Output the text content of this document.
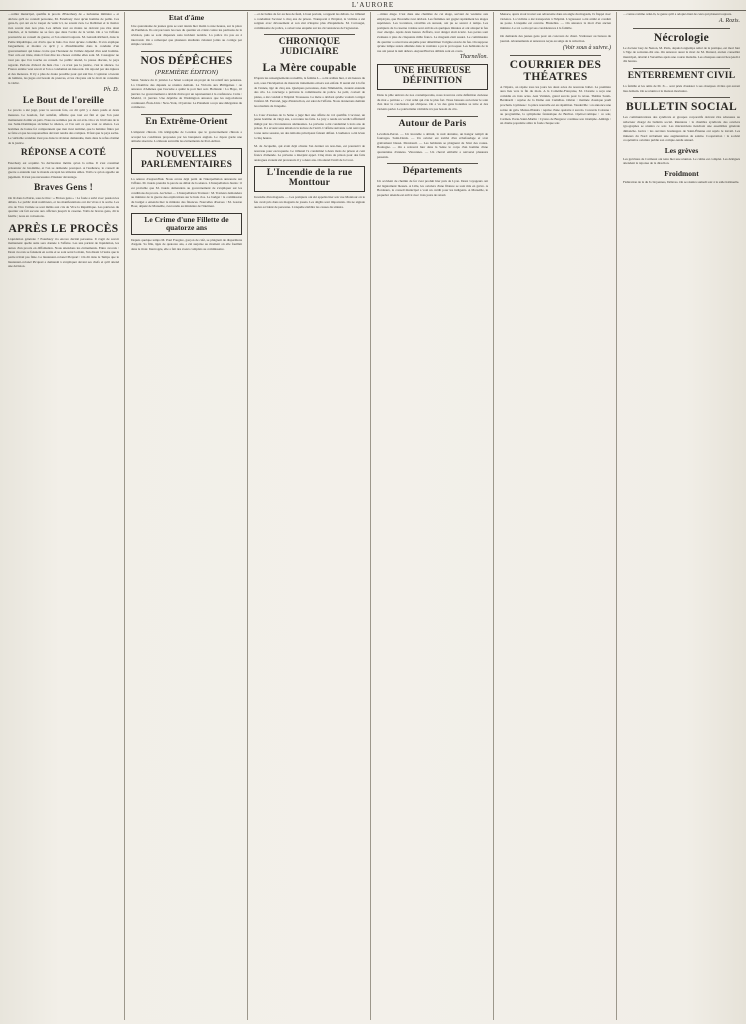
L'AURORE
…reiller municipal, qualifie le procès d'Esterhazy de « turlutaine militaire » et déclare qu'il ne connaît personne, M. Esterhazy n'est qu'un homme de paille. Ces gens-là, qui ont eu le toupet de venir ici, ne savent rien. Le Rabbinat et la Justice n'en savent rien non plus. Les débats tout au moins ne doivent pas être ainsi tranchés, et la lumière ne se fera que dans l'ordre de la vérité. On a vu l'affaire poursuivie au conseil de guerre, et l'on attend toujours. M. Gérault-Richard, dans la Petite République, est d'avis que le huis clos n'est qu'une comédie. Il s'en explique longuement, et montre ce qu'il y a d'inadmissible dans la conduite d'un gouvernement qui laisse croire que l'honneur de l'armée dépend d'un seul homme. Tout cela est triste, mais il faut dire les choses comme elles sont. M. Cassagnac ne veut pas que l'on touche au conseil. Le public attend, la presse discute, le pays regarde. Parlons d'abord du huis clos : ce n'est pas la justice, c'est le silence. La France entière veut savoir si l'on a condamné un innocent. On répond par des injures et des menaces. Il n'y a plus de doute possible pour qui sait lire. L'opinion a besoin de lumière, les juges ont besoin de preuves, et les citoyens ont le droit de connaître la vérité.
Ph. D.
Le Bout de l'oreille
Le procès a été jugé, pour la seconde fois, on dit qu'il y a deux poids et deux mesures. Le Gaulois, fort satisfait, affirme que tout est fini et que l'on peut maintenant dormir en paix. Nous ne sommes pas de cet avis. On a vu l'écrivain de la rue Saint-Dominique réclamer le silence, et l'on sait ce que vaut ce silence. Les hommes de bonne foi comprennent que rien n'est terminé, que la lumière finira par se faire et que les responsables devront rendre des comptes. Il faut que le pays sache. Le véritable scandale n'est pas dans la révision demandée, mais dans le refus obstiné de la justice.
RÉPONSE A COTÉ
Esterhazy est acquitté. Sa déclaration mérite qu'on la relise. Il s'est constitué prisonnier de lui-même, et l'on se demande pourquoi. A l'audience, le conseil de guerre a entendu tout le monde excepté les témoins utiles. Voilà ce qu'on appelle un jugement. Il n'est pas nécessaire d'insister davantage.
Braves Gens !
On lit dans la Patrie, sous le titre : « Braves gens » : La foule a suivi avec passion les débats. Le public était nombreux, et les manifestations ont été vives à la sortie. Les cris de Vive l'armée se sont mêlés aux cris de Vive la République. Les patriotes du quartier ont fait escorte aux officiers jusqu'à la caserne. Voilà de braves gens, dit la feuille ; nous en convenons.
APRÈS LE PROCÈS
Liquidation générale ? Esterhazy n'a encore décidé personne. Il s'agit de savoir maintenant quelle suite sera donnée à l'affaire. Les uns parlent de liquidation, les autres d'un procès en diffamation. Nous attendons les événements. Entre avocats : Deux avocats se faisaient en sortie et se sont serré la main, l'un disant à l'autre que la partie n'était pas finie. La lieutenant-colonel Picquart : On dit dans le Temps que le lieutenant-colonel Picquart a demandé à s'expliquer devant ses chefs et qu'il attend une décision.
Etat d'âme
Une quarantaine de jeunes gens se sont réunis hier matin à onze heures, sur la place du Panthéon. Ils ont parcouru les rues du quartier en criant contre les partisans de la révision, puis se sont dispersés sans incident notable. La police n'a pas eu à intervenir. On a remarqué que plusieurs étudiants s'étaient joints au cortège par simple curiosité.
NOS DÉPÊCHES
(PREMIÈRE ÉDITION)
Sénat. Séance du 11 janvier. Le Sénat a adopté un projet de loi relatif aux pensions. La Chambre des députés se réunira demain. La Victoria aux Philippines : on annonce d'Athènes que l'escadre a quitté le port hier soir. Hollande : La Haye, 10 janvier. Le gouvernement a décidé d'envoyer un représentant à la conférence. Crète : Madrid, 11 janvier. Une dépêche de Washington annonce que les négociations continuent. États-Unis : New-York, 10 janvier. Le Président a reçu une délégation du commerce.
En Extrême-Orient
L'emprunt chinois. On télégraphie de Londres que le gouvernement chinois a accepté les conditions proposées par les banquiers anglais. Le Japon garde une attitude réservée. La Russie surveille les événements de Port-Arthur.
NOUVELLES PARLEMENTAIRES
La séance d'aujourd'hui. Nous avons déjà parlé de l'interpellation annoncée sur l'affaire. M. Jaurès prendra la parole au début de la séance. L'interpellation Jaurès : il est probable que M. Jaurès demandera au gouvernement de s'expliquer sur les conditions du procès. Au Sénat — L'interpellation Trarieux : M. Trarieux demandera au ministre de la guerre des explications sur le huis clos. Le budget : la commission du budget a entendu hier le ministre des finances. Nouvelles diverses : M. Gaston Boer, député de Marseille, s'est rendu au ministère de l'intérieur.
Le Crime d'une Fillette de quatorze ans
Depuis quelque temps M. Paul Fougère, garçon de café, se plaignait de disparitions d'argent. Sa fille, âgée de quatorze ans, a été surprise au moment où elle fouillait dans le tiroir. Interrogée, elle a fait des aveux complets au commissaire.
…et de balles de fer au lieu de fusil, à bout portant, a rappelé les débats. Le tribunal a condamné l'accusé à cinq ans de prison. Transporté à l'hôpital, la victime a été soignée avec dévouement et son état n'inspire plus d'inquiétude. M. Carrouget, commissaire de police, a ouvert une enquête sur les circonstances de l'agression.
CHRONIQUE JUDICIAIRE
La Mère coupable
D'après les renseignements recueillis, la femme L... a été arrêtée hier, à six heures du soir, sous l'inculpation de mauvais traitements envers son enfant. Il aurait été à la fin de l'année, âgé de cinq ans. Quelques personnes, dans l'immeuble, avaient entendu des cris. La concierge a prévenu le commissaire de police. Le petit, couvert de plaies, a été conduit à l'hôpital Trousseau. La mère a déclaré qu'elle voulait corriger l'enfant. M. Ferrand, juge d'instruction, est saisi de l'affaire. Nous donnerons demain les résultats de l'enquête.
La Cour d'assises de la Seine a jugé hier une affaire de vol qualifié. L'accusé, un jeune homme de vingt ans, a reconnu les faits. Le jury a rendu un verdict affirmatif mitigé par les circonstances atténuantes. Le prévenu a été condamné à trois ans de prison. Il a écouté sans émotion la lecture de l'arrêt. L'affaire suivante a été renvoyée à une autre session, un des témoins principaux faisant défaut. L'audience a été levée à cinq heures.
M. de Jacquelin, qui avait déjà obtenu l'an dernier un non-lieu, est poursuivi de nouveau pour escroquerie. Le tribunal l'a condamné à deux mois de prison et cent francs d'amende. Le prévenu a interjeté appel. Cinq mois de prison pour des faits analogues avaient été prononcés il y a deux ans. On attend l'arrêt de la Cour.
L'Incendie de la rue Monttour
Incendie d'un magasin. — Les pompiers ont été appelés hier soir rue Monttour où le feu avait pris dans un magasin de jouets. Les dégâts sont importants. On ne signale aucun accident de personne. L'enquête établira les causes du sinistre.
…mière étage. C'est dans une chambre de cet étage, servant de vestiaire aux employés, que l'incendie s'est déclaré. Les flammes ont gagné rapidement les étages supérieurs. Les locataires, réveillés en sursaut, ont pu se sauver à temps. Les pompiers de la caserne voisine sont arrivés en quelques minutes et ont attaqué le feu avec énergie. Après deux heures d'efforts, tout danger était écarté. Les pertes sont évaluées à plus de cinquante mille francs. Le magasin était assuré. Le commissaire du quartier a ouvert une enquête pour déterminer l'origine exacte du feu. On suppose qu'une lampe restée allumée dans le vestiaire a pu le provoquer. Les habitants de la rue ont passé la nuit dehors. Aujourd'hui les déblais sont en cours.
Tharnellon.
UNE HEUREUSE DÉFINITION
Dans le pâle univers de nos contemporains, nous trouvons cette définition curieuse du mot « patriote » : c'est celui qui crie le plus fort. Nous laissons au lecteur le soin d'en tirer la conclusion qui s'impose. On a vu des gens honnêtes se taire et des violents parler. Le patriotisme véritable n'a pas besoin de cris.
Autour de Paris
Levallois-Perret. — Un incendie a détruit, la nuit dernière, un hangar rempli de fourrages. Saint-Denis. — Un ouvrier est tombé d'un échafaudage et s'est grièvement blessé. Montreuil. — Les habitants se plaignent de l'état des routes. Boulogne. — On a retrouvé hier dans la Seine le corps d'un homme d'une quarantaine d'années. Vincennes. — Un cheval emballé a renversé plusieurs passants.
Départements
Un accident de chemin de fer s'est produit hier près de Lyon. Deux voyageurs ont été légèrement blessés. A Lille, les ouvriers d'une filature se sont mis en grève. A Bordeaux, le conseil municipal a voté un crédit pour les indigents. A Marseille, le paquebot attendu est arrivé avec trois jours de retard.
Menace, après avoir trouvé son adversaire dans un angle du magasin, l'a frappé avec violence. La victime a été transportée à l'hôpital. L'agresseur a été arrêté et conduit au poste. L'enquête est ouverte. Bruxelles. — On annonce la mort d'un ancien ministre. Le roi a envoyé ses condoléances à la famille.
On demande des jeunes gens pour un concours de chant. S'adresser au bureau du journal. Abonnements et annonces reçus au siège de la rédaction.
(Voir sous à suivre.)
COURRIER DES THÉATRES
A l'Opéra, on répète tous les jours les deux actes du nouveau ballet. La première aura lieu vers la fin du mois. A la Comédie-Française, M. Claretie a reçu une comédie en trois actes. Aux Variétés, grand succès pour la revue. Théâtre Sarah-Bernhardt : reprise de la Dame aux Camélias. Odéon : matinée classique jeudi prochain. Gymnase : la pièce nouvelle est en répétition. Vaudeville : on annonce une soirée de gala. Menus-Plaisirs : reprise d'une opérette à succès. Concerts Colonne : au programme, la symphonie fantastique de Berlioz. Opéra-Comique : ce soir, Carmen. Porte-Saint-Martin : Cyrano de Bergerac continue son triomphe. Ambigu : un drame populaire attire la foule chaque soir.
…connu comme celui-là, le genre qu'il a adopté étant de ceux qui plaisent toujours.
A. Rozis.
Nécrologie
Le docteur Guy de Nenon, M. Paris, depuis longtemps retiré de la pratique, est mort hier à l'âge de soixante-dix ans. On annonce aussi la mort de M. Durand, ancien conseiller municipal, décédé à Versailles après une courte maladie. Les obsèques auront lieu jeudi à dix heures.
ENTERREMENT CIVIL
La famille et les amis de M. X… sont priés d'assister à ses obsèques civiles qui auront lieu demain. On se réunira à la maison mortuaire.
BULLETIN SOCIAL
Les communications des syndicats et groupes corporatifs doivent être adressées au rédacteur chargé du bulletin social. Réunions : la chambre syndicale des ouvriers typographes se réunira ce soir. Les mécaniciens tiendront une assemblée générale dimanche. Grève : les ouvriers boulangers de Saint-Étienne ont repris le travail. Les mineurs du Nord réclament une augmentation de salaire. Coopération : la société coopérative ouvrière publie son compte-rendu annuel.
Les grèves
Les grévistes de Carmaux ont tenu hier une réunion. Le calme est complet. Les délégués attendent la réponse de la direction.
Froidmont
Fédération de la du 6 citoyennes, Délaves. On se réunira samedi soir à la salle habituelle.
